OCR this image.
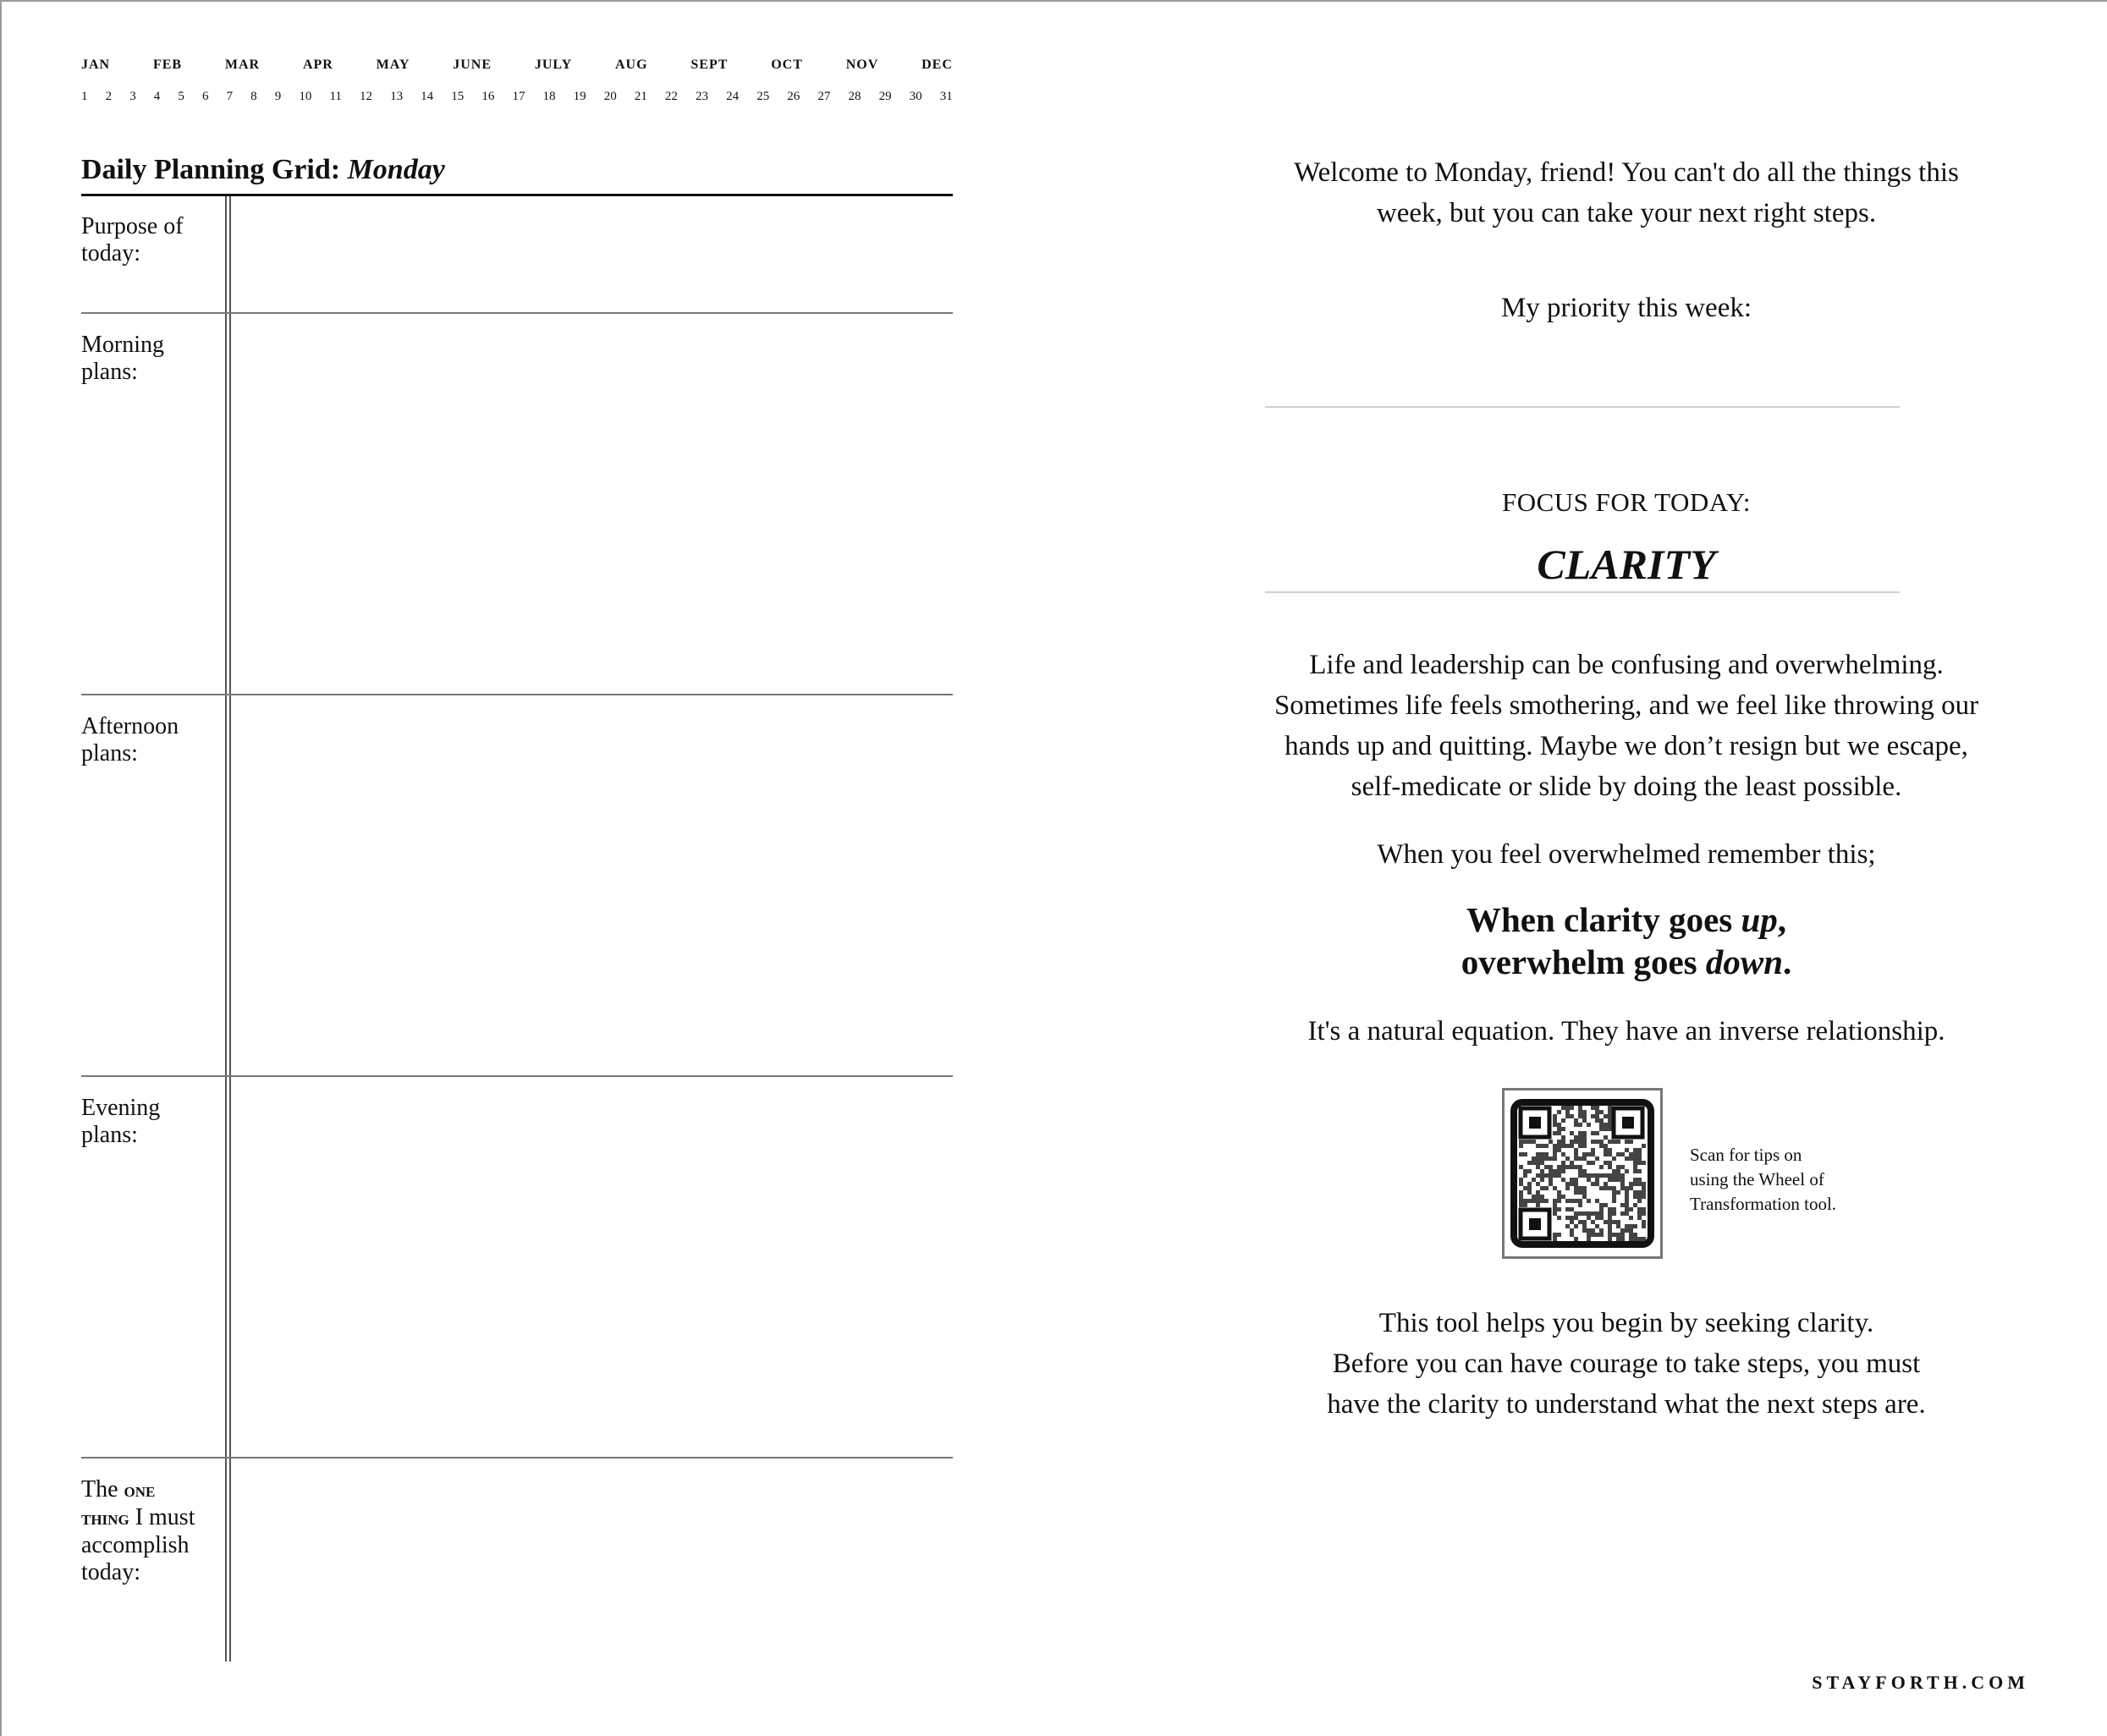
JAN	FEB	MAR	APR	MAY	JUNE	JULY	AUG	SEPT	OCT	NOV	DEC
1 2 3 4 5 6 7 8 9 10 11 12 13 14 15 16 17 18 19 20 21 22 23 24 25 26 27 28 29 30 31
Daily Planning Grid: Monday
Purpose of
today:
Morning
plans:
Afternoon
plans:
Evening
plans:
The one
thing I must
accomplish
today:
Welcome to Monday, friend! You can't do all the things this
week, but you can take your next right steps.
My priority this week:
FOCUS FOR TODAY:
CLARITY
Life and leadership can be confusing and overwhelming.
Sometimes life feels smothering, and we feel like throwing our
hands up and quitting. Maybe we don’t resign but we escape,
self-medicate or slide by doing the least possible.
When you feel overwhelmed remember this;
When clarity goes up,
overwhelm goes down.
It's a natural equation. They have an inverse relationship.
Scan for tips on
using the Wheel of
Transformation tool.
This tool helps you begin by seeking clarity.
Before you can have courage to take steps, you must
have the clarity to understand what the next steps are.
STAYFORTH.COM
